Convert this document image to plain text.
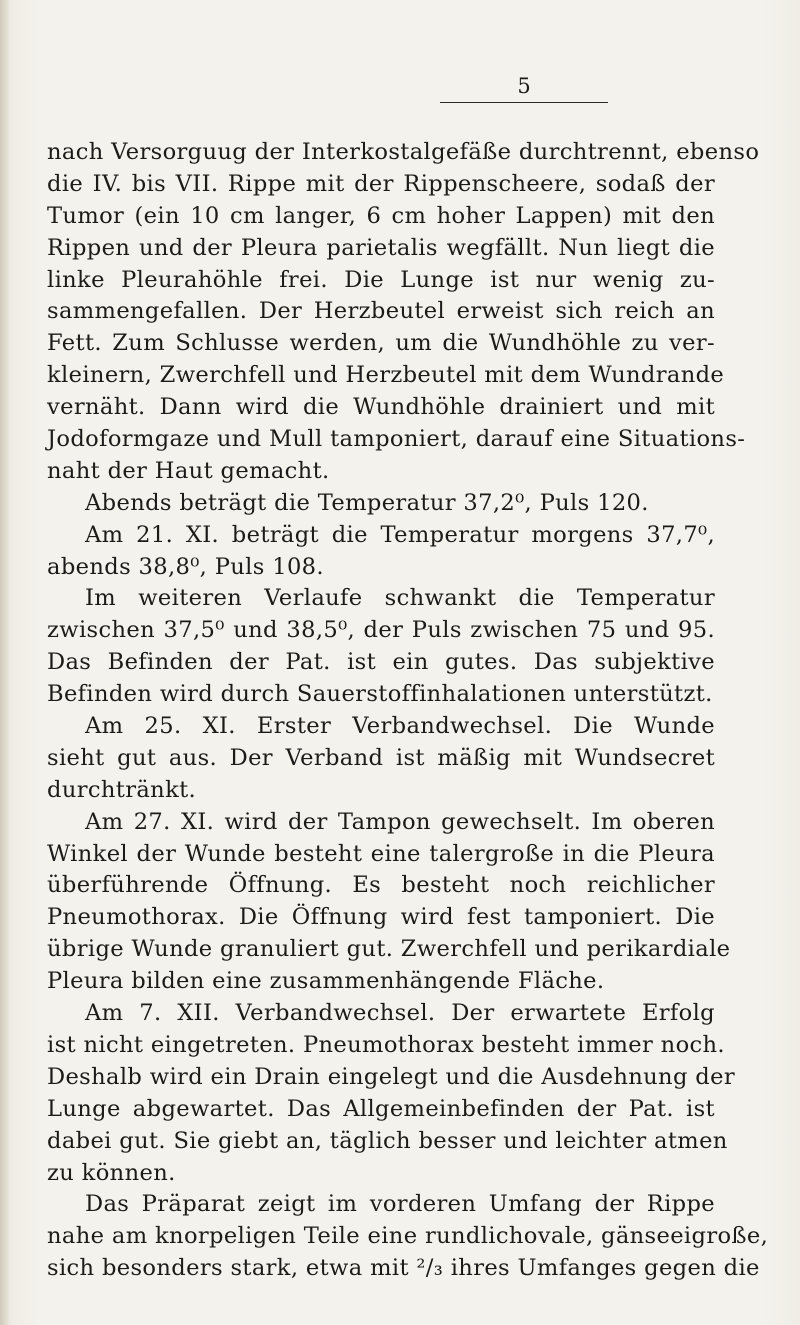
5
nach Versorguug der Interkostalgefäße durchtrennt, ebenso
die IV. bis VII. Rippe mit der Rippenscheere, sodaß der
Tumor (ein 10 cm langer, 6 cm hoher Lappen) mit den
Rippen und der Pleura parietalis wegfällt. Nun liegt die
linke Pleurahöhle frei. Die Lunge ist nur wenig zu-
sammengefallen. Der Herzbeutel erweist sich reich an
Fett. Zum Schlusse werden, um die Wundhöhle zu ver-
kleinern, Zwerchfell und Herzbeutel mit dem Wundrande
vernäht. Dann wird die Wundhöhle drainiert und mit
Jodoformgaze und Mull tamponiert, darauf eine Situations-
naht der Haut gemacht.
Abends beträgt die Temperatur 37,2⁰, Puls 120.
Am 21. XI. beträgt die Temperatur morgens 37,7⁰,
abends 38,8⁰, Puls 108.
Im weiteren Verlaufe schwankt die Temperatur
zwischen 37,5⁰ und 38,5⁰, der Puls zwischen 75 und 95.
Das Befinden der Pat. ist ein gutes. Das subjektive
Befinden wird durch Sauerstoffinhalationen unterstützt.
Am 25. XI. Erster Verbandwechsel. Die Wunde
sieht gut aus. Der Verband ist mäßig mit Wundsecret
durchtränkt.
Am 27. XI. wird der Tampon gewechselt. Im oberen
Winkel der Wunde besteht eine talergroße in die Pleura
überführende Öffnung. Es besteht noch reichlicher
Pneumothorax. Die Öffnung wird fest tamponiert. Die
übrige Wunde granuliert gut. Zwerchfell und perikardiale
Pleura bilden eine zusammenhängende Fläche.
Am 7. XII. Verbandwechsel. Der erwartete Erfolg
ist nicht eingetreten. Pneumothorax besteht immer noch.
Deshalb wird ein Drain eingelegt und die Ausdehnung der
Lunge abgewartet. Das Allgemeinbefinden der Pat. ist
dabei gut. Sie giebt an, täglich besser und leichter atmen
zu können.
Das Präparat zeigt im vorderen Umfang der Rippe
nahe am knorpeligen Teile eine rundlichovale, gänseeigroße,
sich besonders stark, etwa mit ²/₃ ihres Umfanges gegen die
